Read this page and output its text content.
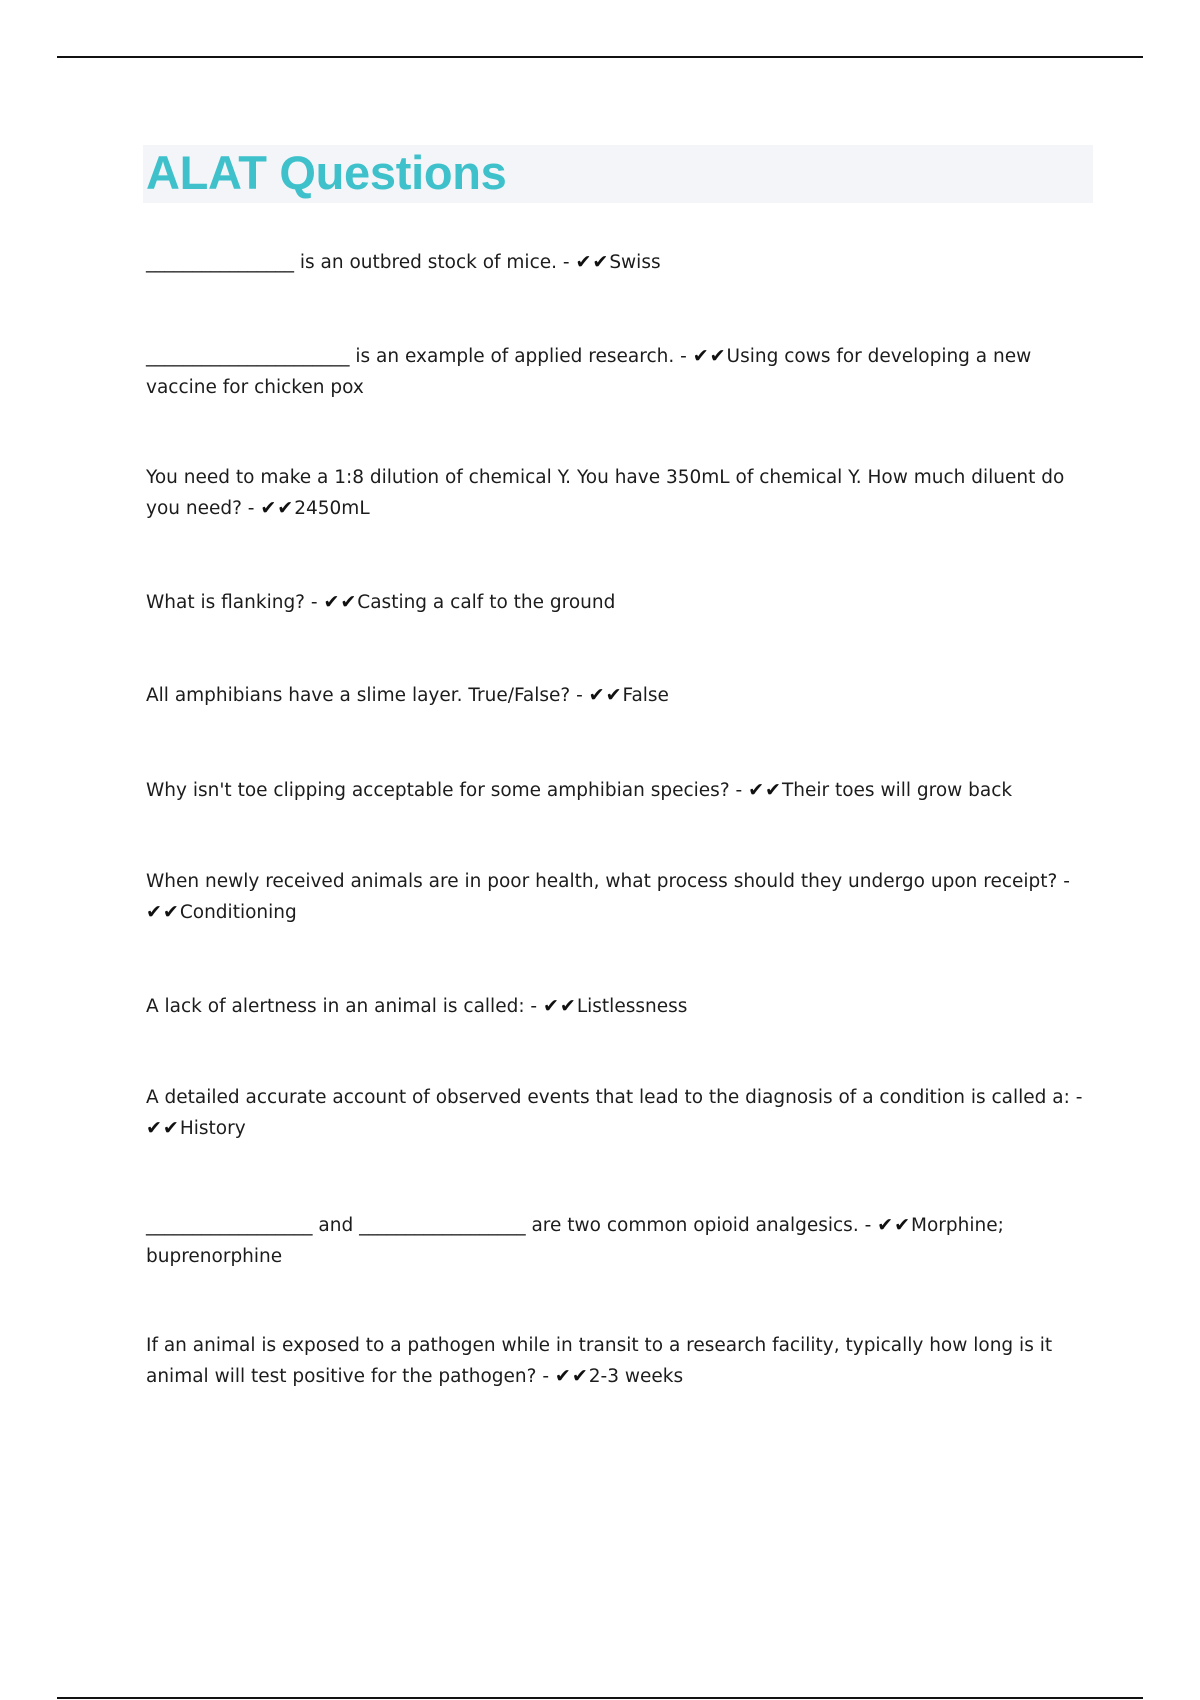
ALAT Questions

________________ is an outbred stock of mice. - ✔✔Swiss

______________________ is an example of applied research. - ✔✔Using cows for developing a new vaccine for chicken pox

You need to make a 1:8 dilution of chemical Y. You have 350mL of chemical Y. How much diluent do you need? - ✔✔2450mL

What is flanking? - ✔✔Casting a calf to the ground

All amphibians have a slime layer. True/False? - ✔✔False

Why isn't toe clipping acceptable for some amphibian species? - ✔✔Their toes will grow back

When newly received animals are in poor health, what process should they undergo upon receipt? - ✔✔Conditioning

A lack of alertness in an animal is called: - ✔✔Listlessness

A detailed accurate account of observed events that lead to the diagnosis of a condition is called a: - ✔✔History

__________________ and __________________ are two common opioid analgesics. - ✔✔Morphine; buprenorphine

If an animal is exposed to a pathogen while in transit to a research facility, typically how long is it animal will test positive for the pathogen? - ✔✔2-3 weeks
